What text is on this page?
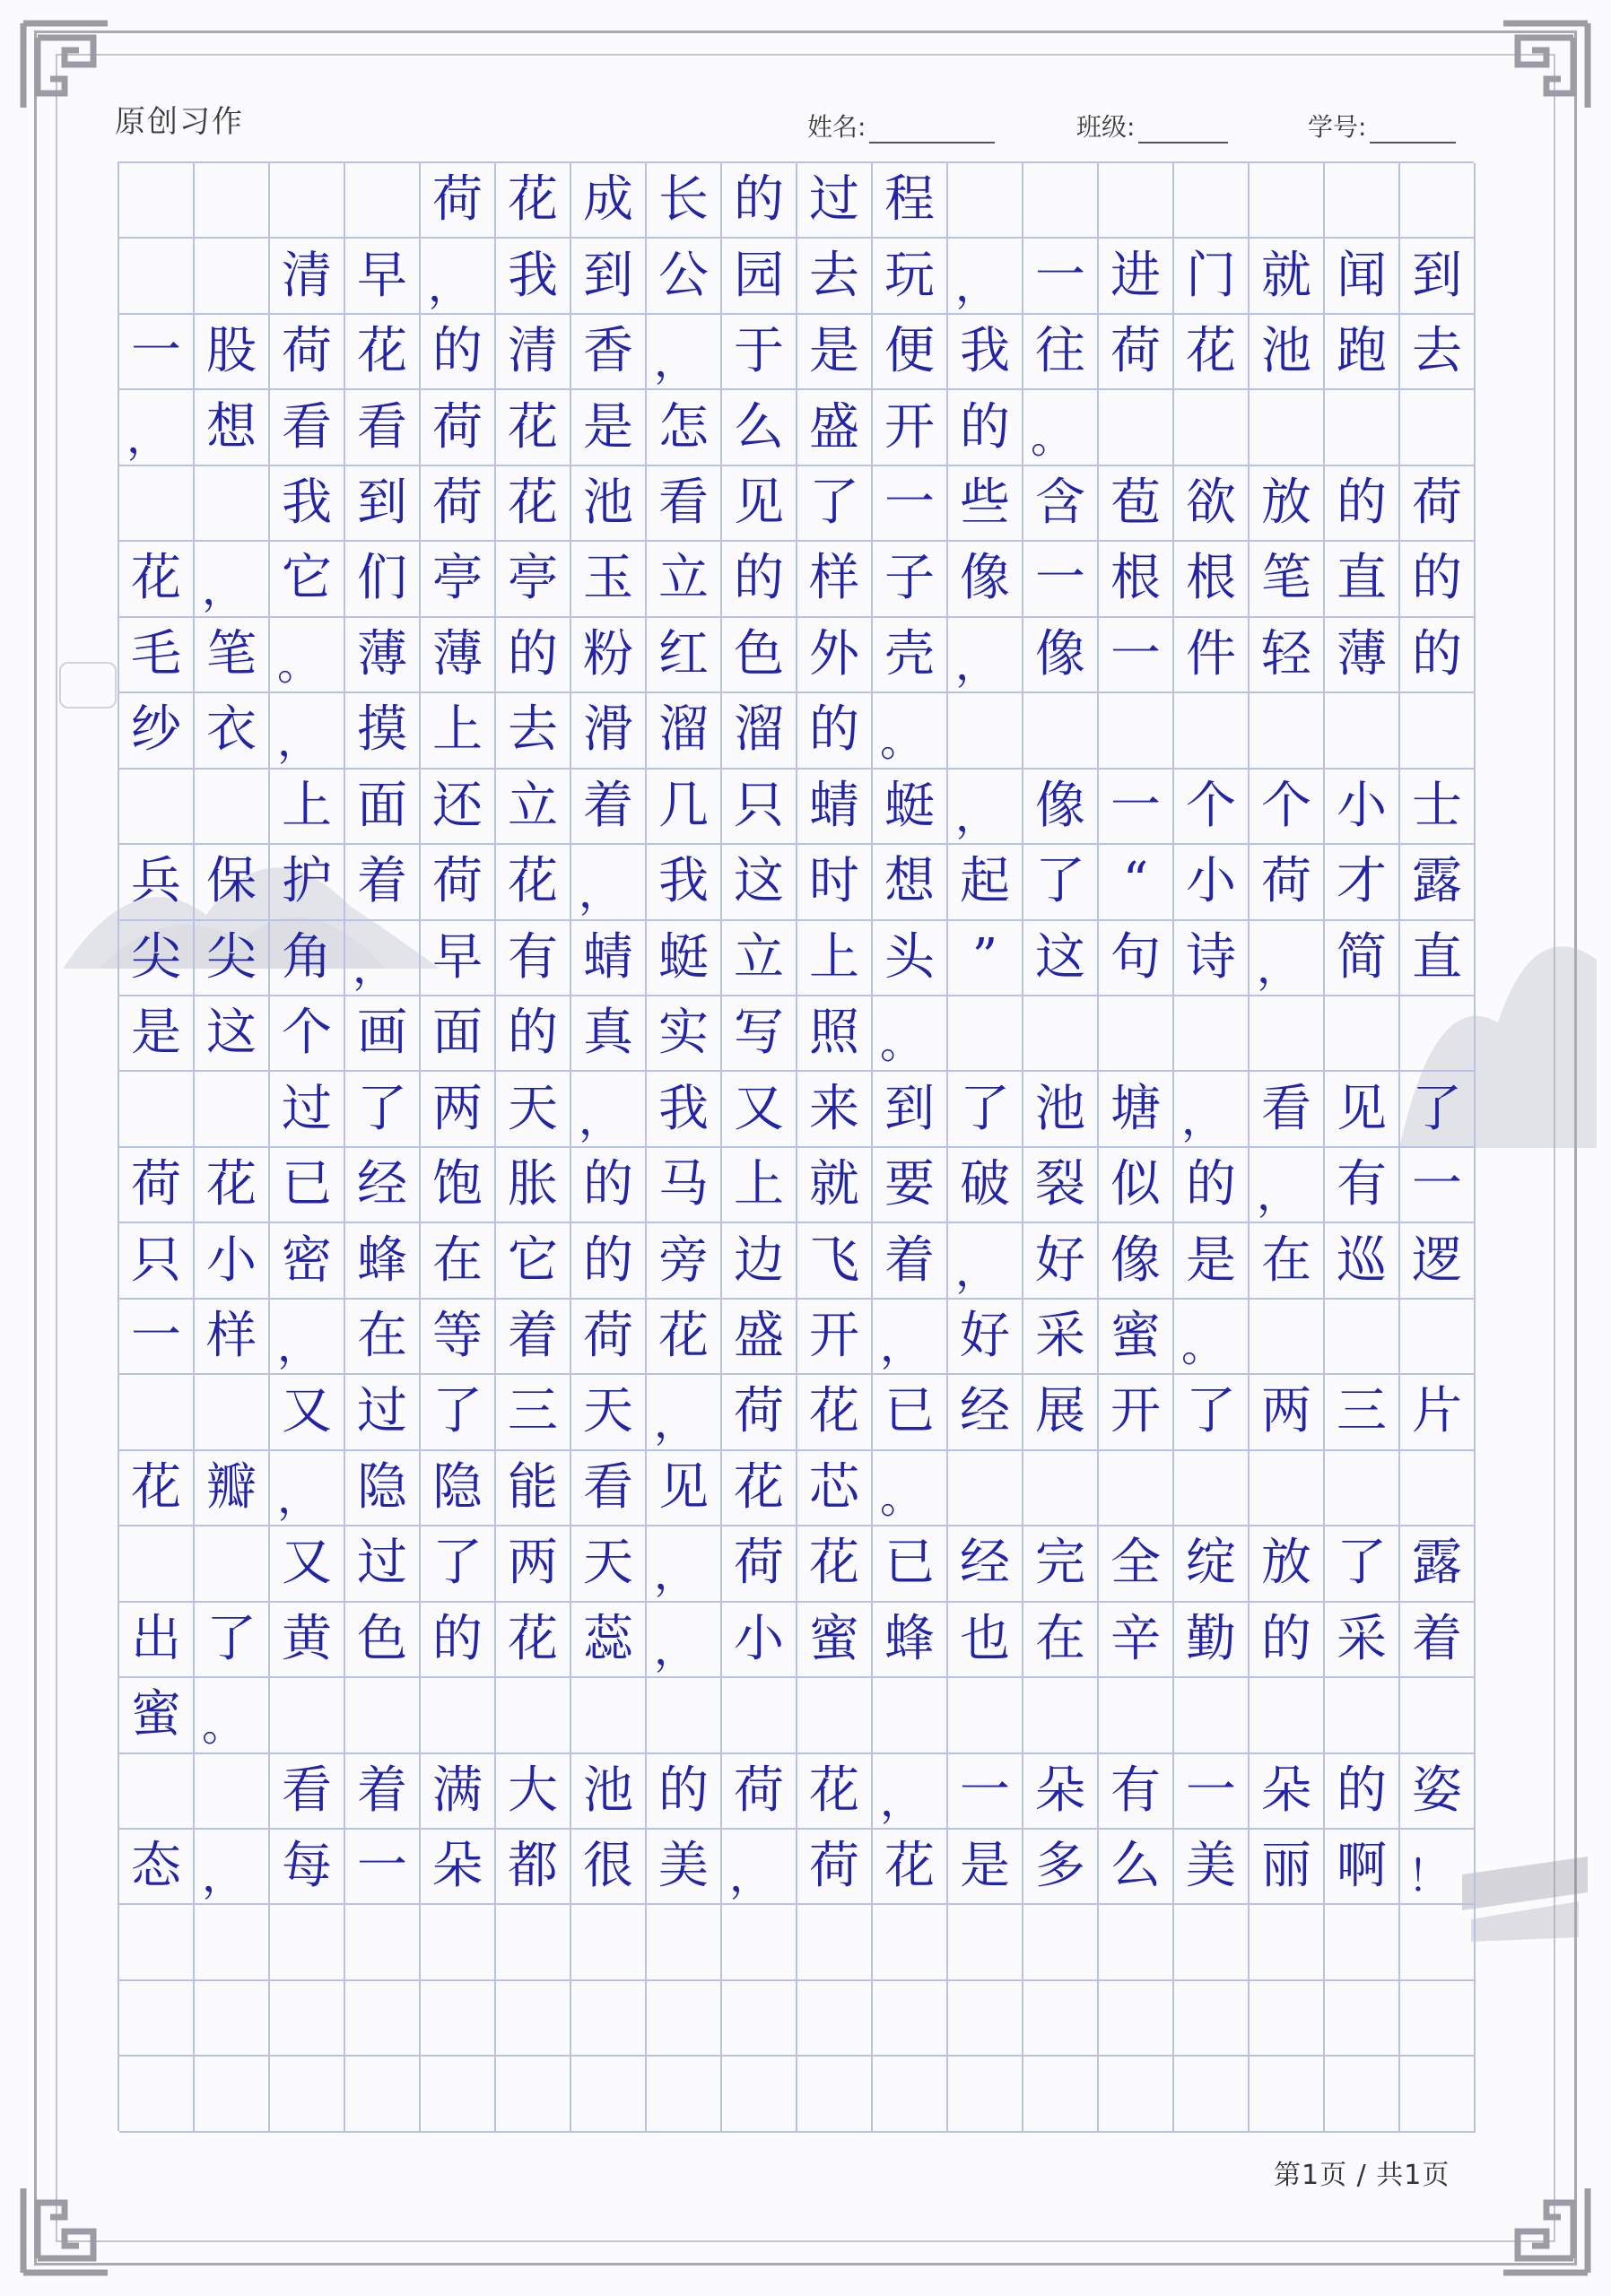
原创习作	姓名:	班级:	学号:
荷 花 成 长 的 过 程
清 早 ， 我 到 公 园 去 玩 ， 一 进 门 就 闻 到
一 股 荷 花 的 清 香 ， 于 是 便 我 往 荷 花 池 跑 去
， 想 看 看 荷 花 是 怎 么 盛 开 的 。
我 到 荷 花 池 看 见 了 一 些 含 苞 欲 放 的 荷
花 ， 它 们 亭 亭 玉 立 的 样 子 像 一 根 根 笔 直 的
毛 笔 。 薄 薄 的 粉 红 色 外 壳 ， 像 一 件 轻 薄 的
纱 衣 ， 摸 上 去 滑 溜 溜 的 。
上 面 还 立 着 几 只 蜻 蜓 ， 像 一 个 个 小 士
兵 保 护 着 荷 花 ， 我 这 时 想 起 了 “ 小 荷 才 露
尖 尖 角 ， 早 有 蜻 蜓 立 上 头 ” 这 句 诗 ， 简 直
是 这 个 画 面 的 真 实 写 照 。
过 了 两 天 ， 我 又 来 到 了 池 塘 ， 看 见 了
荷 花 已 经 饱 胀 的 马 上 就 要 破 裂 似 的 ， 有 一
只 小 密 蜂 在 它 的 旁 边 飞 着 ， 好 像 是 在 巡 逻
一 样 ， 在 等 着 荷 花 盛 开 ， 好 采 蜜 。
又 过 了 三 天 ， 荷 花 已 经 展 开 了 两 三 片
花 瓣 ， 隐 隐 能 看 见 花 芯 。
又 过 了 两 天 ， 荷 花 已 经 完 全 绽 放 了 露
出 了 黄 色 的 花 蕊 ， 小 蜜 蜂 也 在 辛 勤 的 采 着
蜜 。
看 着 满 大 池 的 荷 花 ， 一 朵 有 一 朵 的 姿
态 ， 每 一 朵 都 很 美 ， 荷 花 是 多 么 美 丽 啊 ！
第1页 / 共1页
